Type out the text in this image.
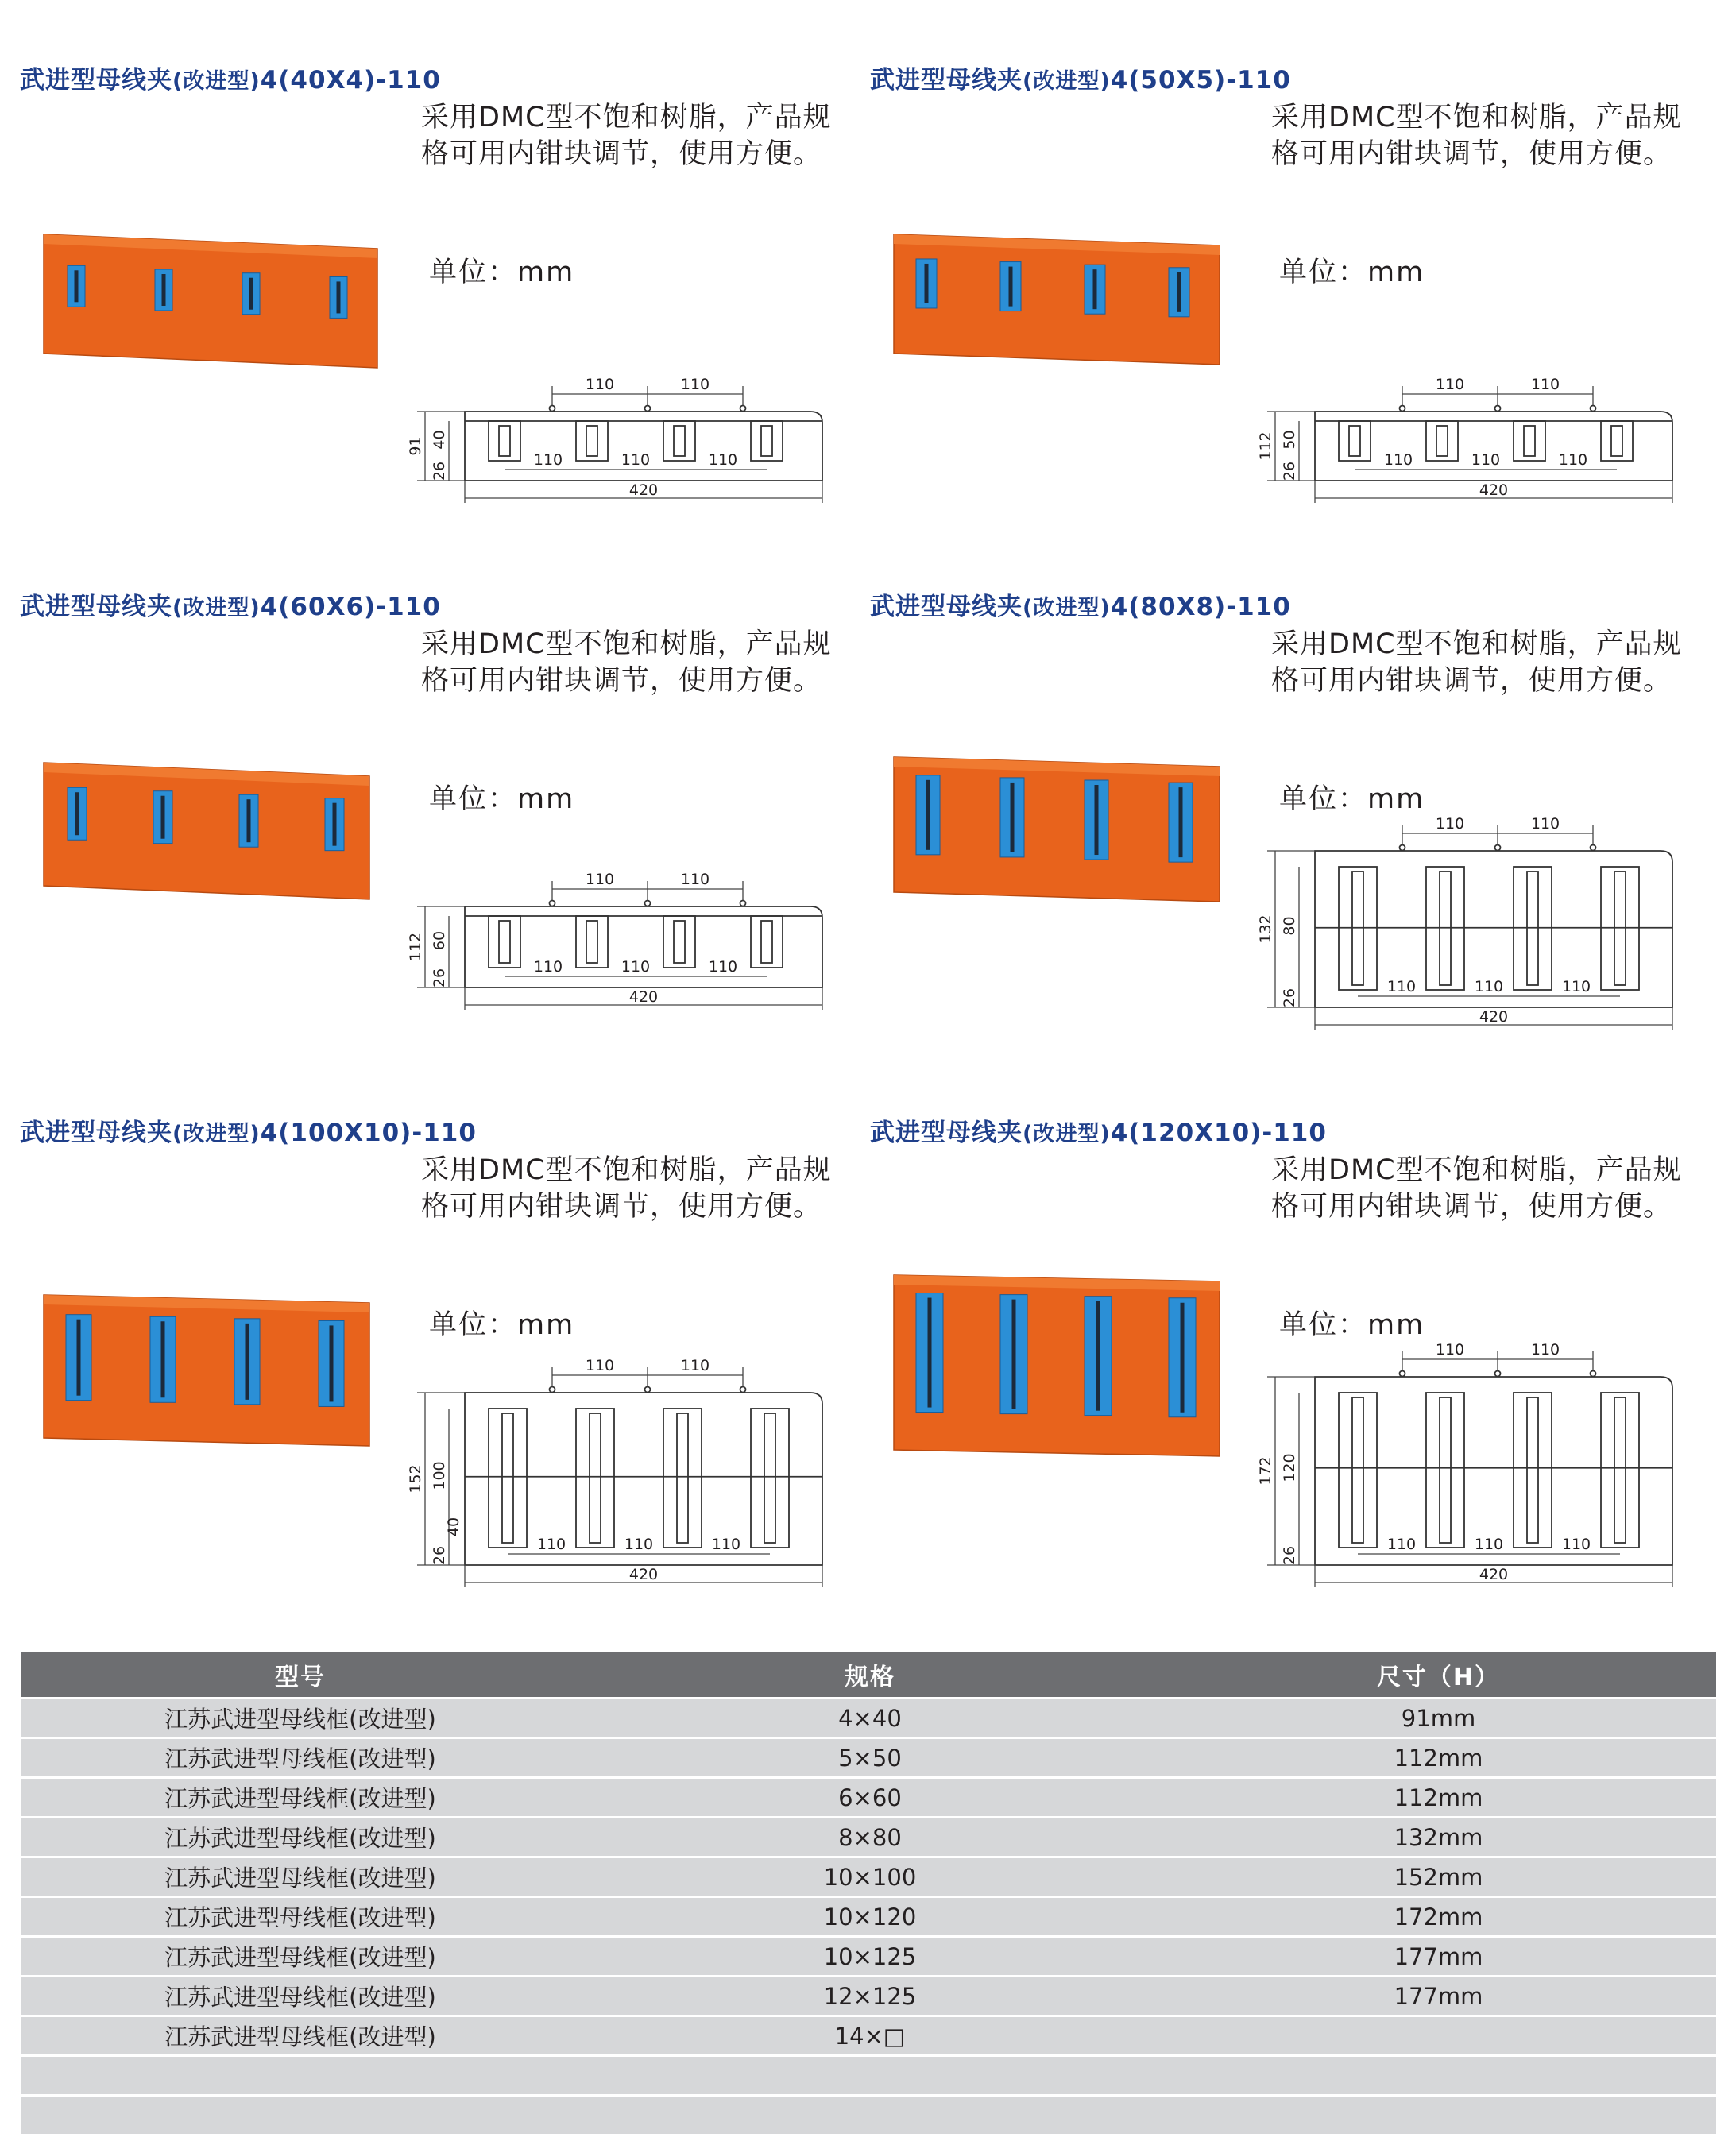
武进型母线夹(改进型)4(40X4)-110
采用DMC型不饱和树脂，产品规
格可用内钳块调节，使用方便。
单位：mm
110	110
110	110	110
420
91 40
26
武进型母线夹(改进型)4(50X5)-110
采用DMC型不饱和树脂，产品规
格可用内钳块调节，使用方便。
单位：mm
110	110
110	110	110
420
112 50
26
武进型母线夹(改进型)4(60X6)-110
采用DMC型不饱和树脂，产品规
格可用内钳块调节，使用方便。
单位：mm
110	110
110	110	110
420
112 60
26
武进型母线夹(改进型)4(80X8)-110
采用DMC型不饱和树脂，产品规
格可用内钳块调节，使用方便。
单位：mm
110	110
110	110	110
420
132 80
26
武进型母线夹(改进型)4(100X10)-110
采用DMC型不饱和树脂，产品规
格可用内钳块调节，使用方便。
单位：mm
110	110
110	110	110
420
152 100
26
40
武进型母线夹(改进型)4(120X10)-110
采用DMC型不饱和树脂，产品规
格可用内钳块调节，使用方便。
单位：mm
110	110
110	110	110
420
172 120
26
型号	规格	尺寸（H）
江苏武进型母线框(改进型)	4×40	91mm
江苏武进型母线框(改进型)	5×50	112mm
江苏武进型母线框(改进型)	6×60	112mm
江苏武进型母线框(改进型)	8×80	132mm
江苏武进型母线框(改进型)	10×100	152mm
江苏武进型母线框(改进型)	10×120	172mm
江苏武进型母线框(改进型)	10×125	177mm
江苏武进型母线框(改进型)	12×125	177mm
江苏武进型母线框(改进型)	14×□	
